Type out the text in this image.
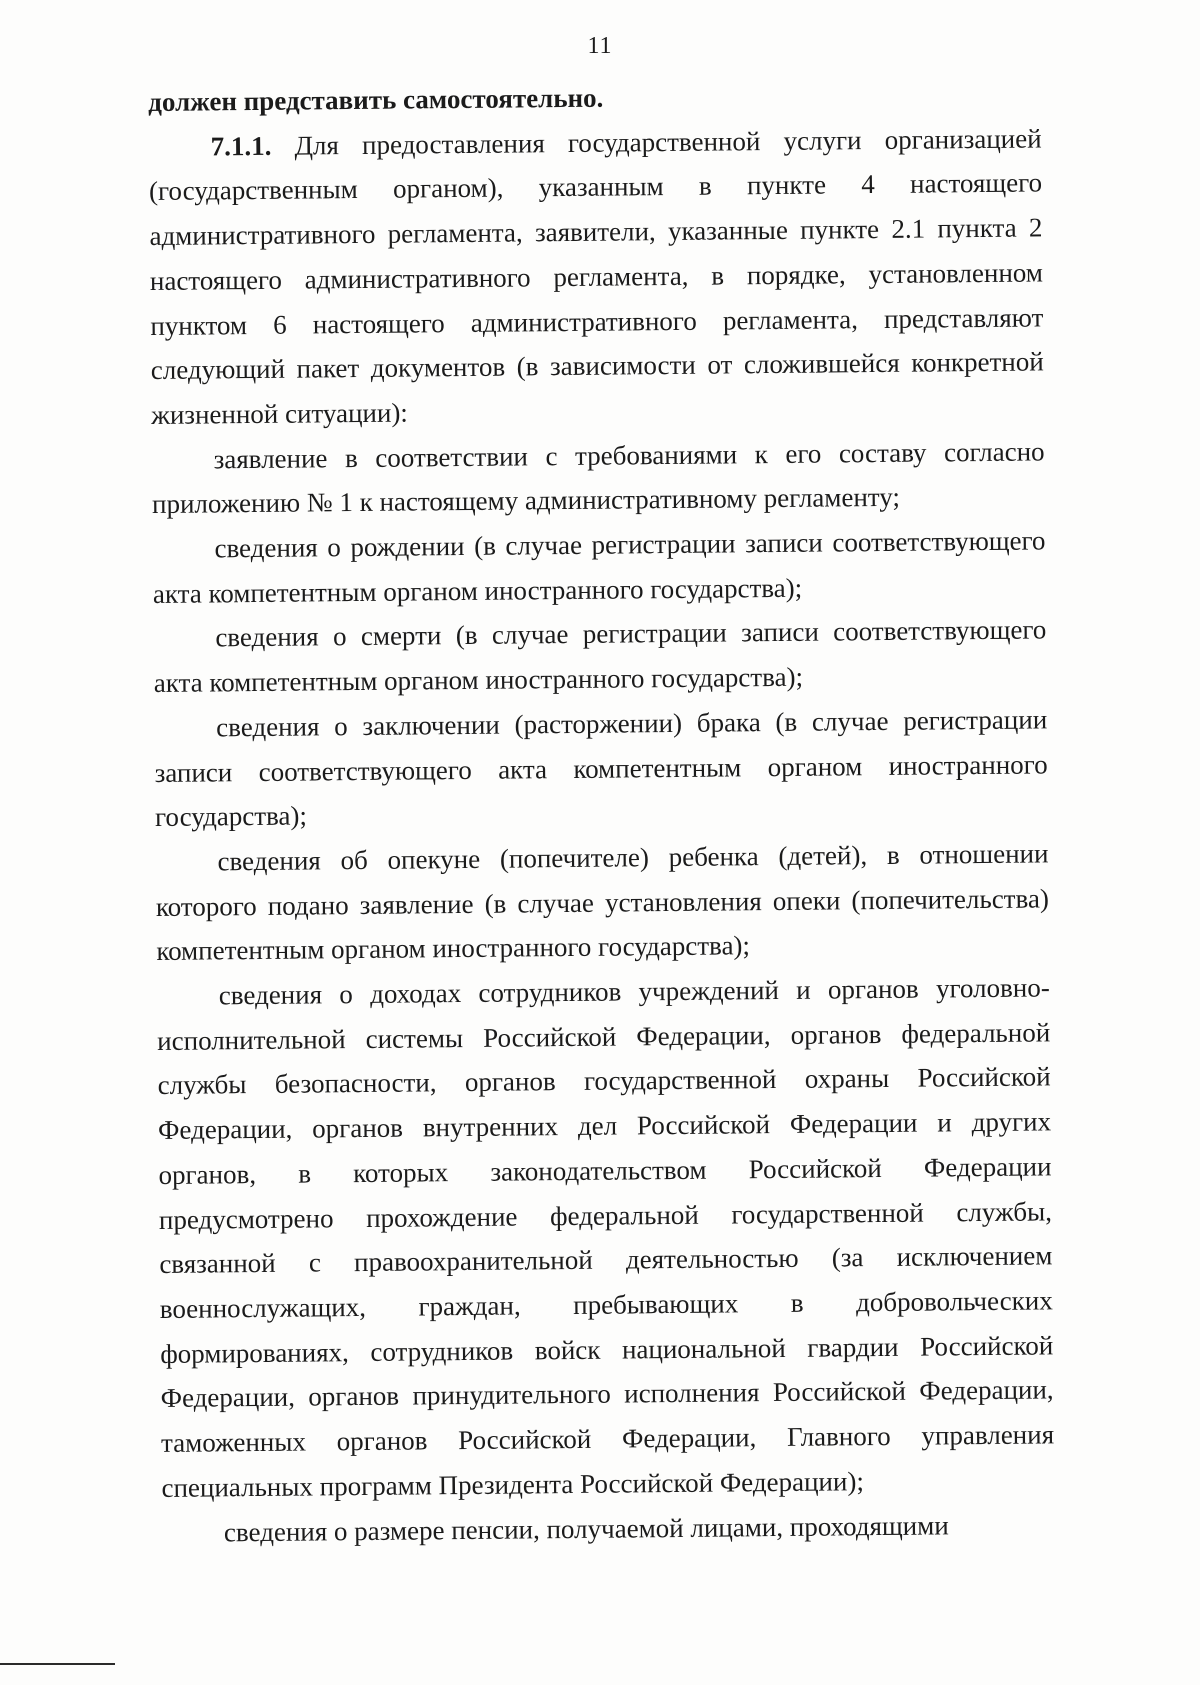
11

должен представить самостоятельно.

7.1.1. Для предоставления государственной услуги организацией (государственным органом), указанным в пункте 4 настоящего административного регламента, заявители, указанные пункте 2.1 пункта 2 настоящего административного регламента, в порядке, установленном пунктом 6 настоящего административного регламента, представляют следующий пакет документов (в зависимости от сложившейся конкретной жизненной ситуации):

заявление в соответствии с требованиями к его составу согласно приложению № 1 к настоящему административному регламенту;

сведения о рождении (в случае регистрации записи соответствующего акта компетентным органом иностранного государства);

сведения о смерти (в случае регистрации записи соответствующего акта компетентным органом иностранного государства);

сведения о заключении (расторжении) брака (в случае регистрации записи соответствующего акта компетентным органом иностранного государства);

сведения об опекуне (попечителе) ребенка (детей), в отношении которого подано заявление (в случае установления опеки (попечительства) компетентным органом иностранного государства);

сведения о доходах сотрудников учреждений и органов уголовно-исполнительной системы Российской Федерации, органов федеральной службы безопасности, органов государственной охраны Российской Федерации, органов внутренних дел Российской Федерации и других органов, в которых законодательством Российской Федерации предусмотрено прохождение федеральной государственной службы, связанной с правоохранительной деятельностью (за исключением военнослужащих, граждан, пребывающих в добровольческих формированиях, сотрудников войск национальной гвардии Российской Федерации, органов принудительного исполнения Российской Федерации, таможенных органов Российской Федерации, Главного управления специальных программ Президента Российской Федерации);

сведения о размере пенсии, получаемой лицами, проходящими
